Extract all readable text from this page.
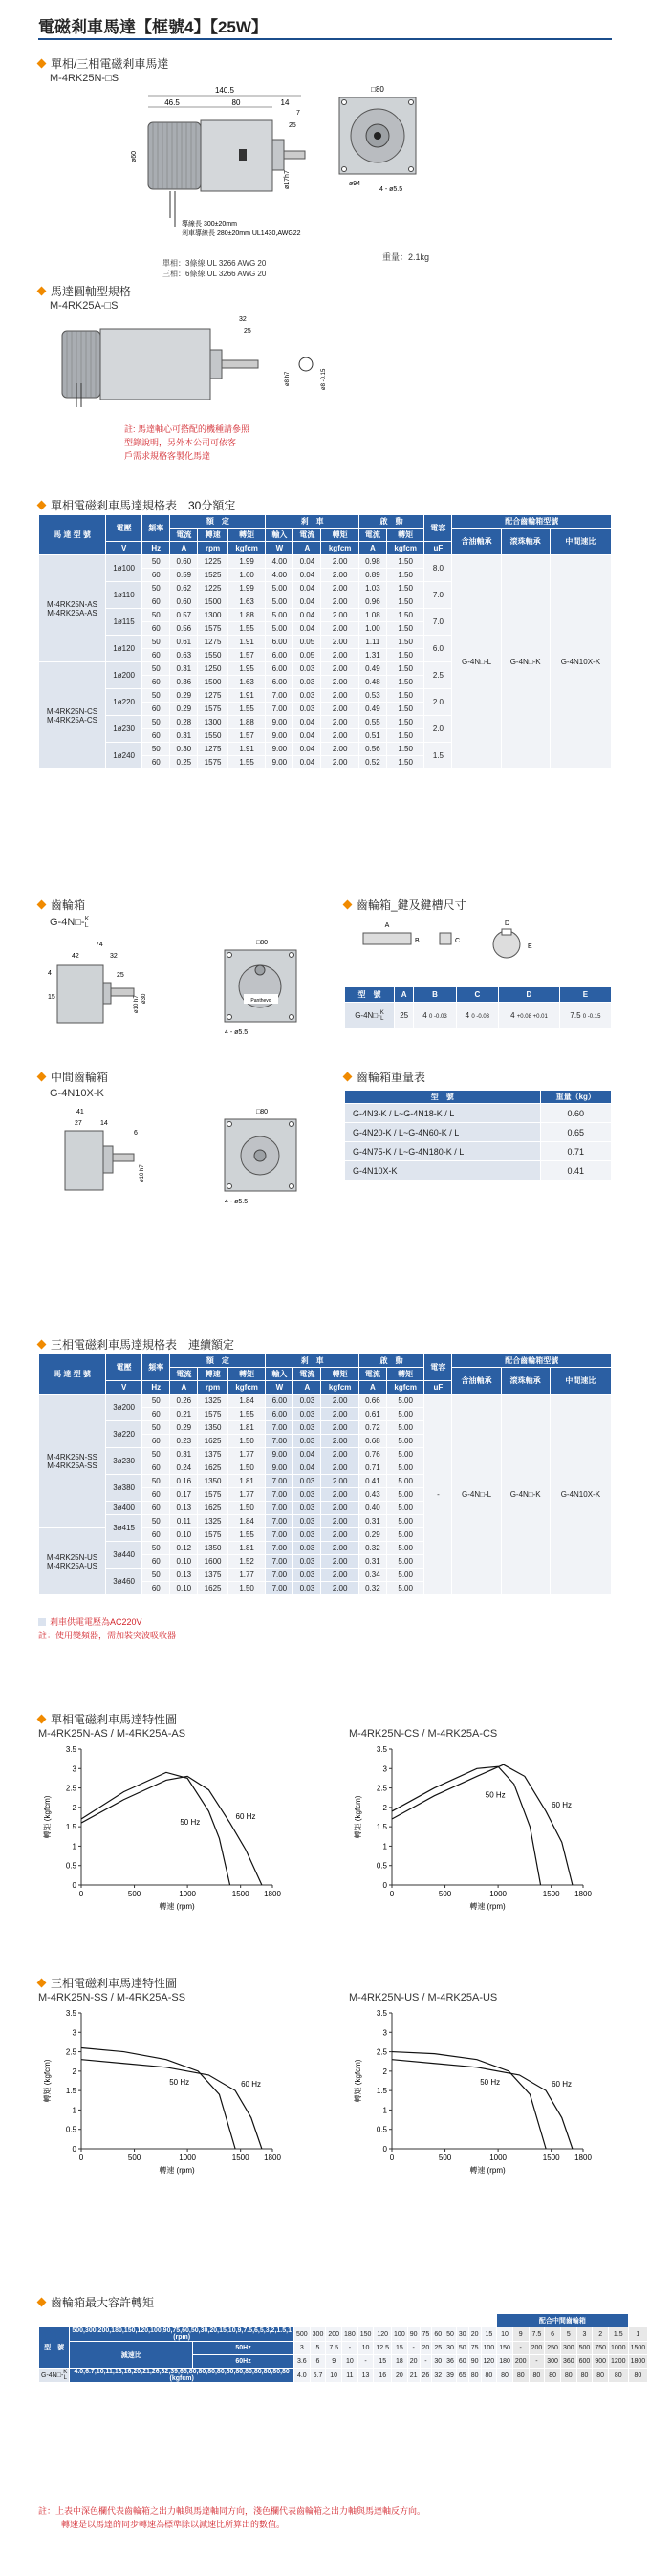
電磁剎車馬達【框號4】【25W】
單相/三相電磁剎車馬達
M-4RK25N-□S
140.5
46.5	80	14
7
25
ø60
ø17h7
導線長 300±20mm
剎車導線長 280±20mm UL1430,AWG22
□80
ø94
4 - ø5.5
單相：3條線,UL 3266 AWG 20
三相：6條線,UL 3266 AWG 20
重量：2.1kg
馬達圓軸型規格
M-4RK25A-□S
32
25
ø8 h7	ø8 -0.15
註: 馬達軸心可搭配的機種請參照
型錄說明，另外本公司可依客
戶需求規格客製化馬達
單相電磁剎車馬達規格表　30分額定
馬 達 型 號	電壓	頻率	額　定			剎　車			啟　動		電容	配合齒輪箱型號		
			電流	轉速	轉矩	輸入	電流	轉矩	電流	轉矩		含油軸承	滾珠軸承	中間速比
	V	Hz	A	rpm	kgfcm	W	A	kgfcm	A	kgfcm	uF			
M-4RK25N-AS
M-4RK25A-AS	1ø100	50	0.60	1225	1.99	4.00	0.04	2.00	0.98	1.50	8.0	G-4N□-L	G-4N□-K	G-4N10X-K
		60	0.59	1525	1.60	4.00	0.04	2.00	0.89	1.50				
	1ø110	50	0.62	1225	1.99	5.00	0.04	2.00	1.03	1.50	7.0			
		60	0.60	1500	1.63	5.00	0.04	2.00	0.96	1.50				
	1ø115	50	0.57	1300	1.88	5.00	0.04	2.00	1.08	1.50	7.0			
		60	0.56	1575	1.55	5.00	0.04	2.00	1.00	1.50				
	1ø120	50	0.61	1275	1.91	6.00	0.05	2.00	1.11	1.50	6.0			
		60	0.63	1550	1.57	6.00	0.05	2.00	1.31	1.50				
M-4RK25N-CS
M-4RK25A-CS	1ø200	50	0.31	1250	1.95	6.00	0.03	2.00	0.49	1.50	2.5			
		60	0.36	1500	1.63	6.00	0.03	2.00	0.48	1.50				
	1ø220	50	0.29	1275	1.91	7.00	0.03	2.00	0.53	1.50	2.0			
		60	0.29	1575	1.55	7.00	0.03	2.00	0.49	1.50				
	1ø230	50	0.28	1300	1.88	9.00	0.04	2.00	0.55	1.50	2.0			
		60	0.31	1550	1.57	9.00	0.04	2.00	0.51	1.50				
	1ø240	50	0.30	1275	1.91	9.00	0.04	2.00	0.56	1.50	1.5			
		60	0.25	1575	1.55	9.00	0.04	2.00	0.52	1.50				
齒輪箱
G-4N□- K
L
74
42	32
25
4
15	ø10 h7 ø30
□80
Panthevo
4 - ø5.5
齒輪箱_鍵及鍵槽尺寸
A
B	C
D
E
型　號	A	B	C	D	E
G-4N□- K
L	25	4 0 -0.03	4 0 -0.03	4 +0.08 +0.01	7.5 0 -0.15
中間齒輪箱
G-4N10X-K
41
27	14
6
ø10 h7
□80
4 - ø5.5
齒輪箱重量表
型　號	重量（kg）
G-4N3-K / L~G-4N18-K / L	0.60
G-4N20-K / L~G-4N60-K / L	0.65
G-4N75-K / L~G-4N180-K / L	0.71
G-4N10X-K	0.41
三相電磁剎車馬達規格表　連續額定
馬 達 型 號	電壓	頻率	額　定			剎　車			啟　動		電容	配合齒輪箱型號		
			電流	轉速	轉矩	輸入	電流	轉矩	電流	轉矩		含油軸承	滾珠軸承	中間速比
	V	Hz	A	rpm	kgfcm	W	A	kgfcm	A	kgfcm	uF			
M-4RK25N-SS
M-4RK25A-SS	3ø200	50	0.26	1325	1.84	6.00	0.03	2.00	0.66	5.00	-	G-4N□-L	G-4N□-K	G-4N10X-K
		60	0.21	1575	1.55	6.00	0.03	2.00	0.61	5.00				
	3ø220	50	0.29	1350	1.81	7.00	0.03	2.00	0.72	5.00				
		60	0.23	1625	1.50	7.00	0.03	2.00	0.68	5.00				
	3ø230	50	0.31	1375	1.77	9.00	0.04	2.00	0.76	5.00				
		60	0.24	1625	1.50	9.00	0.04	2.00	0.71	5.00				
	3ø380	50	0.16	1350	1.81	7.00	0.03	2.00	0.41	5.00				
		60	0.17	1575	1.77	7.00	0.03	2.00	0.43	5.00				
	3ø400	60	0.13	1625	1.50	7.00	0.03	2.00	0.40	5.00				
	3ø415	50	0.11	1325	1.84	7.00	0.03	2.00	0.31	5.00				
M-4RK25N-US
M-4RK25A-US		60	0.10	1575	1.55	7.00	0.03	2.00	0.29	5.00				
	3ø440	50	0.12	1350	1.81	7.00	0.03	2.00	0.32	5.00				
		60	0.10	1600	1.52	7.00	0.03	2.00	0.31	5.00				
	3ø460	50	0.13	1375	1.77	7.00	0.03	2.00	0.34	5.00				
		60	0.10	1625	1.50	7.00	0.03	2.00	0.32	5.00				
剎車供電電壓為AC220V
註：使用變頻器，需加裝突波吸收器
單相電磁剎車馬達特性圖
M-4RK25N-AS / M-4RK25A-AS	M-4RK25N-CS / M-4RK25A-CS
0	500	1000	1500 1800
0
0.5
1
1.5
2
2.5
3
3.5
轉矩 (kgfcm)
轉速 (rpm)
50 Hz
60 Hz
0	500	1000	1500 1800
0
0.5
1
1.5
2
2.5
3
3.5
轉矩 (kgfcm)
轉速 (rpm)
50 Hz
60 Hz
三相電磁剎車馬達特性圖
M-4RK25N-SS / M-4RK25A-SS	M-4RK25N-US / M-4RK25A-US
0	500	1000	1500 1800
0
0.5
1
1.5
2
2.5
3
3.5
轉矩 (kgfcm)
轉速 (rpm)
50 Hz	60 Hz
0	500	1000	1500 1800
0
0.5
1
1.5
2
2.5
3
3.5
轉矩 (kgfcm)
轉速 (rpm)
50 Hz	60 Hz
齒輪箱最大容許轉矩
																	配合中間齒輪箱								
型　號	500,300,200,180,150,120,100,90,75,60,50,30,20,15,10,9,7.5,6,5,3,2,1.5,1
(rpm)		500	300	200	180	150	120	100	90	75	60	50	30	20	15	10	9	7.5	6	5	3	2	1.5	1
	減速比	50Hz	3	5	7.5	-	10	12.5	15	-	20	25	30	50	75	100	150	-	200	250	300	500	750	1000	1500
		60Hz	3.6	6	9	10	-	15	18	20	-	30	36	60	90	120	180	200	-	300	360	600	900	1200	1800
G-4N□-K
L	4.0,6.7,10,11,13,16,20,21,26,32,39,65,80,80,80,80,80,80,80,80,80,80,80
(kgfcm)		4.0	6.7	10	11	13	16	20	21	26	32	39	65	80	80	80	80	80	80	80	80	80	80	80
註：上表中深色欄代表齒輪箱之出力軸與馬達軸同方向，淺色欄代表齒輪箱之出力軸與馬達軸反方向。
轉速是以馬達的同步轉速為標準除以減速比所算出的數值。
